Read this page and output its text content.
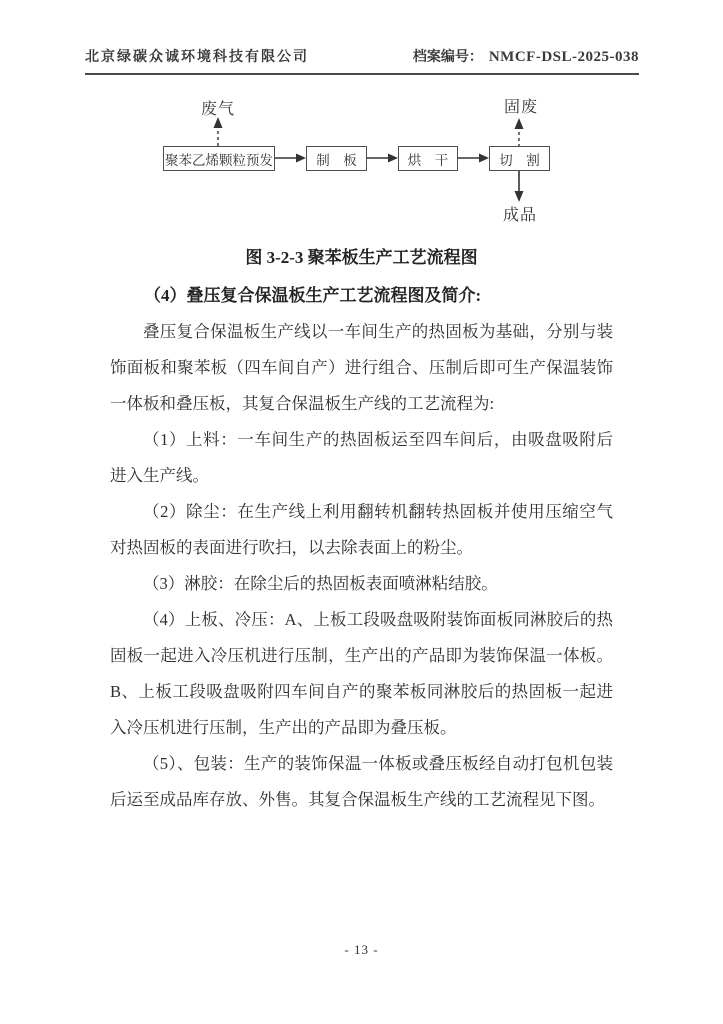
北京绿碳众诚环境科技有限公司	档案编号： NMCF-DSL-2025-038
废气	固废
成品
聚苯乙烯颗粒预发	制　板	烘　干	切　割

图 3-2-3 聚苯板生产工艺流程图

（4）叠压复合保温板生产工艺流程图及简介:

叠压复合保温板生产线以一车间生产的热固板为基础，分别与装饰面板和聚苯板（四车间自产）进行组合、压制后即可生产保温装饰一体板和叠压板，其复合保温板生产线的工艺流程为:

（1）上料：一车间生产的热固板运至四车间后，由吸盘吸附后进入生产线。

（2）除尘：在生产线上利用翻转机翻转热固板并使用压缩空气对热固板的表面进行吹扫，以去除表面上的粉尘。

（3）淋胶：在除尘后的热固板表面喷淋粘结胶。

（4）上板、冷压：A、上板工段吸盘吸附装饰面板同淋胶后的热固板一起进入冷压机进行压制，生产出的产品即为装饰保温一体板。B、上板工段吸盘吸附四车间自产的聚苯板同淋胶后的热固板一起进入冷压机进行压制，生产出的产品即为叠压板。

（5）、包装：生产的装饰保温一体板或叠压板经自动打包机包装后运至成品库存放、外售。其复合保温板生产线的工艺流程见下图。

- 13 -
